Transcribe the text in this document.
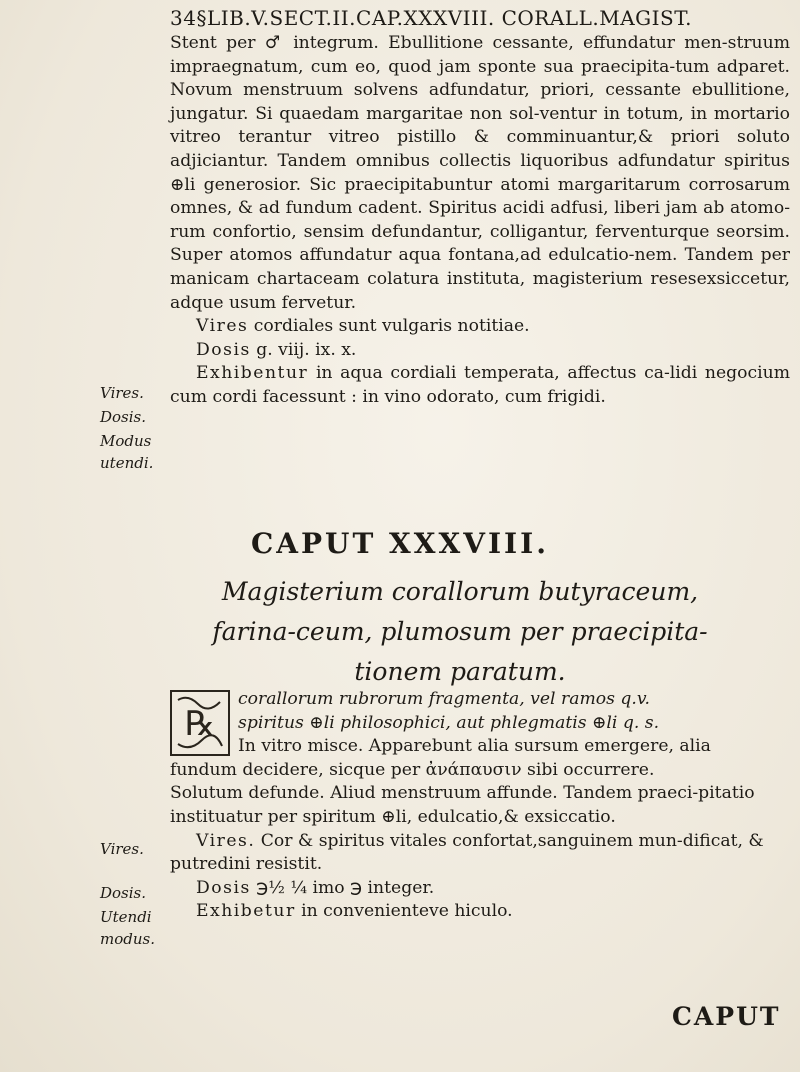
34§LIB.V.SECT.II.CAP.XXXVIII. CORALL.MAGIST.

Stent per ♂ integrum. Ebullitione cessante, effundatur men-struum impraegnatum, cum eo, quod jam sponte sua praecipita-tum adparet. Novum menstruum solvens adfundatur, priori, cessante ebullitione, jungatur. Si quaedam margaritae non sol-ventur in totum, in mortario vitreo terantur vitreo pistillo & comminuantur,& priori soluto adjiciantur. Tandem omnibus collectis liquoribus adfundatur spiritus ⊕li generosior. Sic praecipitabuntur atomi margaritarum corrosarum omnes, & ad fundum cadent. Spiritus acidi adfusi, liberi jam ab atomo-rum confortio, sensim defundantur, colligantur, ferventurque seorsim. Super atomos affundatur aqua fontana,ad edulcatio-nem. Tandem per manicam chartaceam colatura instituta, magisterium resesexsiccetur, adque usum fervetur.

Vires cordiales sunt vulgaris notitiae.

Dosis g. viij. ix. x.

Exhibentur in aqua cordiali temperata, affectus ca-lidi negocium cum cordi facessunt : in vino odorato, cum frigidi.

Vires.
Dosis.
Modus utendi.
CAPUT XXXVIII.
Magisterium corallorum butyraceum, farina-ceum, plumosum per praecipita-tionem paratum.
℞

corallorum rubrorum fragmenta, vel ramos q.v.

spiritus ⊕li philosophici, aut phlegmatis ⊕li q. s.

In vitro misce. Apparebunt alia sursum emergere, alia

fundum decidere, sicque per ἀνάπαυσιν sibi occurrere.

Solutum defunde. Aliud menstruum affunde. Tandem praeci-pitatio instituatur per spiritum ⊕li, edulcatio,& exsiccatio.

Vires. Cor & spiritus vitales confortat,sanguinem mun-dificat, & putredini resistit.

Dosis ℈½ ¼ imo ℈ integer.

Exhibetur in convenienteve hiculo.

Vires.
Dosis.
Utendi modus.
CAPUT
